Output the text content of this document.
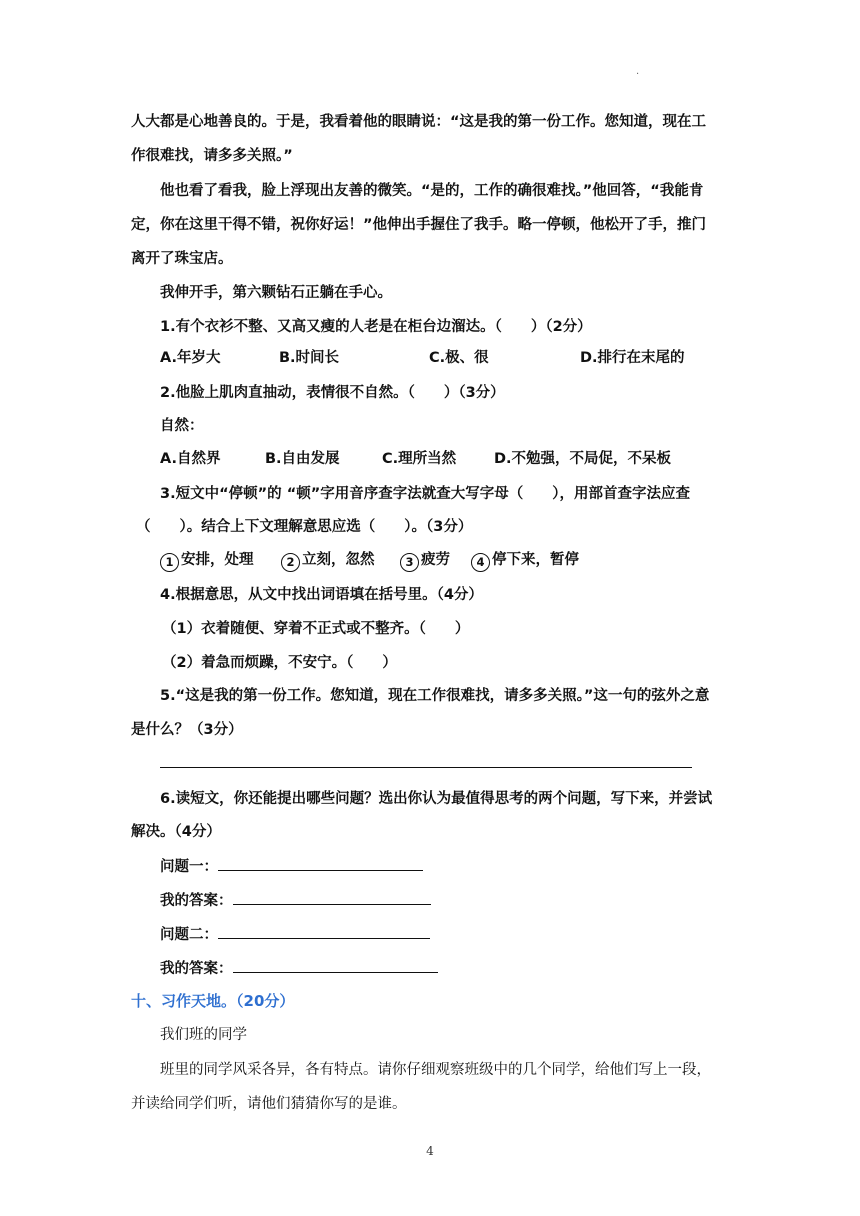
.
人大都是心地善良的。于是，我看着他的眼睛说：“这是我的第一份工作。您知道，现在工
作很难找，请多多关照。”
他也看了看我，脸上浮现出友善的微笑。“是的，工作的确很难找。”他回答，“我能肯
定，你在这里干得不错，祝你好运！”他伸出手握住了我手。略一停顿，他松开了手，推门
离开了珠宝店。
我伸开手，第六颗钻石正躺在手心。
1.有个衣衫不整、又高又瘦的人老是在柜台边溜达。（　　）（2分）
A.年岁大	B.时间长	C.极、很	D.排行在末尾的
2.他脸上肌肉直抽动，表情很不自然。（　　）（3分）
自然：
A.自然界	B.自由发展	C.理所当然	D.不勉强，不局促，不呆板
3.短文中“停顿”的 “顿”字用音序查字法就查大写字母（　　），用部首查字法应查
（　　）。结合上下文理解意思应选（　　）。（3分）
1 安排，处理	2 立刻，忽然	3 疲劳	4 停下来，暂停
4.根据意思，从文中找出词语填在括号里。（4分）
（1）衣着随便、穿着不正式或不整齐。（　　）
（2）着急而烦躁，不安宁。（　　）
5.“这是我的第一份工作。您知道，现在工作很难找，请多多关照。”这一句的弦外之意
是什么？（3分）
6.读短文，你还能提出哪些问题？选出你认为最值得思考的两个问题，写下来，并尝试
解决。（4分）
问题一：
我的答案：
问题二：
我的答案：
十、习作天地。（20分）
我们班的同学
班里的同学风采各异，各有特点。请你仔细观察班级中的几个同学，给他们写上一段，
并读给同学们听，请他们猜猜你写的是谁。
4
